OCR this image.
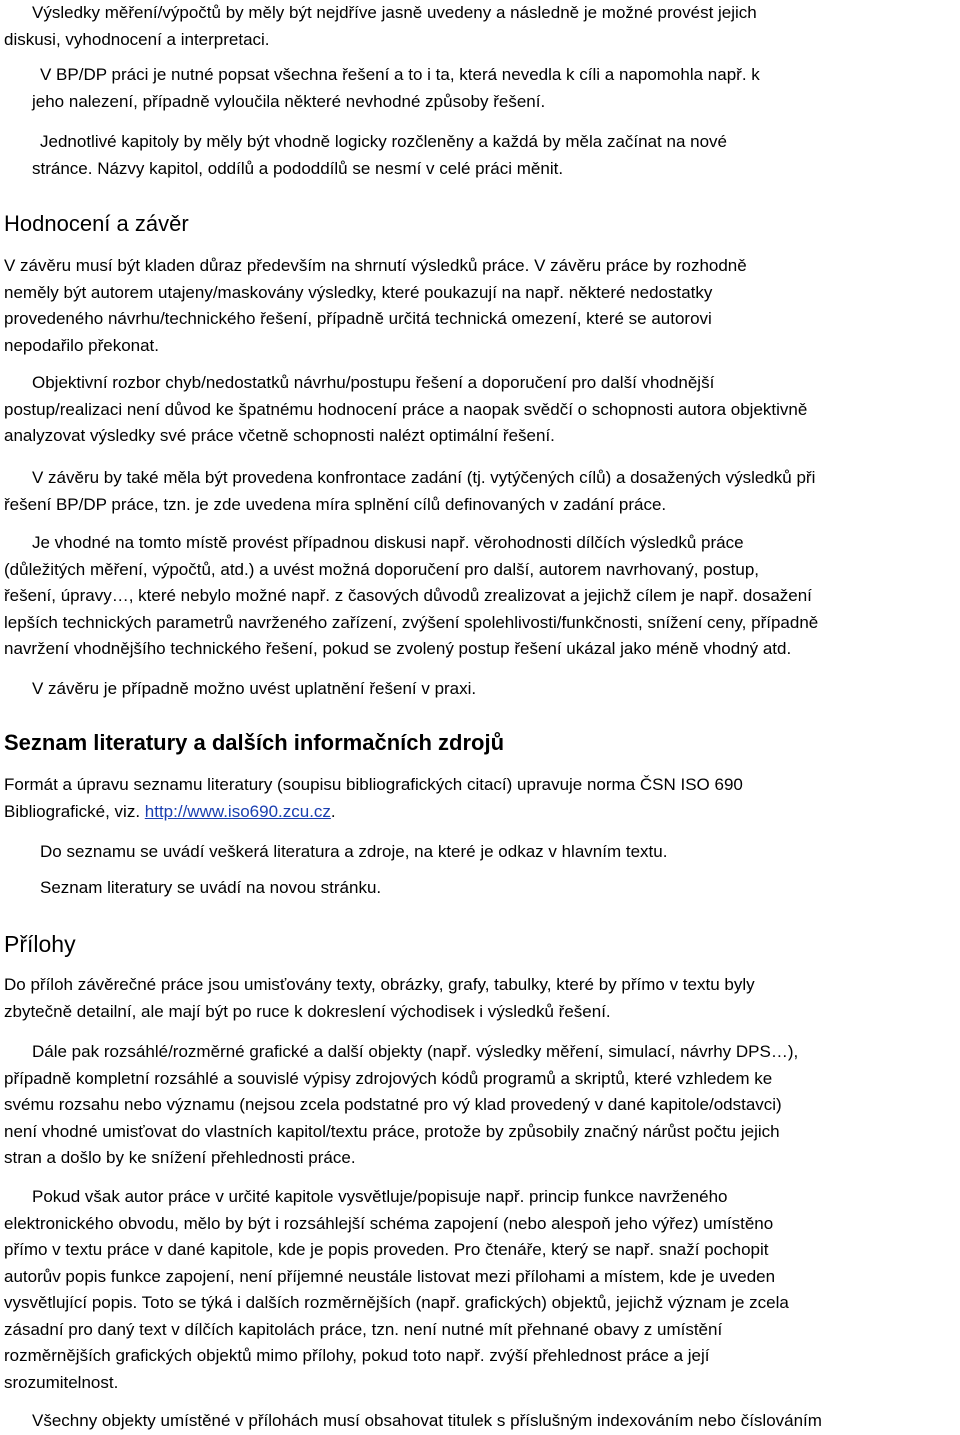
Výsledky měření/výpočtů by měly být nejdříve jasně uvedeny a následně je možné provést jejich
diskusi, vyhodnocení a interpretaci.
V BP/DP práci je nutné popsat všechna řešení a to i ta, která nevedla k cíli a napomohla např. k
jeho nalezení, případně vyloučila některé nevhodné způsoby řešení.
Jednotlivé kapitoly by měly být vhodně logicky rozčleněny a každá by měla začínat na nové
stránce. Názvy kapitol, oddílů a pododdílů se nesmí v celé práci měnit.
Hodnocení a závěr
V závěru musí být kladen důraz především na shrnutí výsledků práce. V závěru práce by rozhodně
neměly být autorem utajeny/maskovány výsledky, které poukazují na např. některé nedostatky
provedeného návrhu/technického řešení, případně určitá technická omezení, které se autorovi
nepodařilo překonat.
Objektivní rozbor chyb/nedostatků návrhu/postupu řešení a doporučení pro další vhodnější
postup/realizaci není důvod ke špatnému hodnocení práce a naopak svědčí o schopnosti autora objektivně
analyzovat výsledky své práce včetně schopnosti nalézt optimální řešení.
V závěru by také měla být provedena konfrontace zadání (tj. vytýčených cílů) a dosažených výsledků při
řešení BP/DP práce, tzn. je zde uvedena míra splnění cílů definovaných v zadání práce.
Je vhodné na tomto místě provést případnou diskusi např. věrohodnosti dílčích výsledků práce
(důležitých měření, výpočtů, atd.) a uvést možná doporučení pro další, autorem navrhovaný, postup,
řešení, úpravy…, které nebylo možné např. z časových důvodů zrealizovat a jejichž cílem je např. dosažení
lepších technických parametrů navrženého zařízení, zvýšení spolehlivosti/funkčnosti, snížení ceny, případně
navržení vhodnějšího technického řešení, pokud se zvolený postup řešení ukázal jako méně vhodný atd.
V závěru je případně možno uvést uplatnění řešení v praxi.
Seznam literatury a dalších informačních zdrojů
Formát a úpravu seznamu literatury (soupisu bibliografických citací) upravuje norma ČSN ISO 690
Bibliografické, viz. http://www.iso690.zcu.cz.
Do seznamu se uvádí veškerá literatura a zdroje, na které je odkaz v hlavním textu.
Seznam literatury se uvádí na novou stránku.
Přílohy
Do příloh závěrečné práce jsou umisťovány texty, obrázky, grafy, tabulky, které by přímo v textu byly
zbytečně detailní, ale mají být po ruce k dokreslení východisek i výsledků řešení.
Dále pak rozsáhlé/rozměrné grafické a další objekty (např. výsledky měření, simulací, návrhy DPS…),
případně kompletní rozsáhlé a souvislé výpisy zdrojových kódů programů a skriptů, které vzhledem ke
svému rozsahu nebo významu (nejsou zcela podstatné pro vý klad provedený v dané kapitole/odstavci)
není vhodné umisťovat do vlastních kapitol/textu práce, protože by způsobily značný nárůst počtu jejich
stran a došlo by ke snížení přehlednosti práce.
Pokud však autor práce v určité kapitole vysvětluje/popisuje např. princip funkce navrženého
elektronického obvodu, mělo by být i rozsáhlejší schéma zapojení (nebo alespoň jeho výřez) umístěno
přímo v textu práce v dané kapitole, kde je popis proveden. Pro čtenáře, který se např. snaží pochopit
autorův popis funkce zapojení, není příjemné neustále listovat mezi přílohami a místem, kde je uveden
vysvětlující popis. Toto se týká i dalších rozměrnějších (např. grafických) objektů, jejichž význam je zcela
zásadní pro daný text v dílčích kapitolách práce, tzn. není nutné mít přehnané obavy z umístění
rozměrnějších grafických objektů mimo přílohy, pokud toto např. zvýší přehlednost práce a její
srozumitelnost.
Všechny objekty umístěné v přílohách musí obsahovat titulek s příslušným indexováním nebo číslováním
